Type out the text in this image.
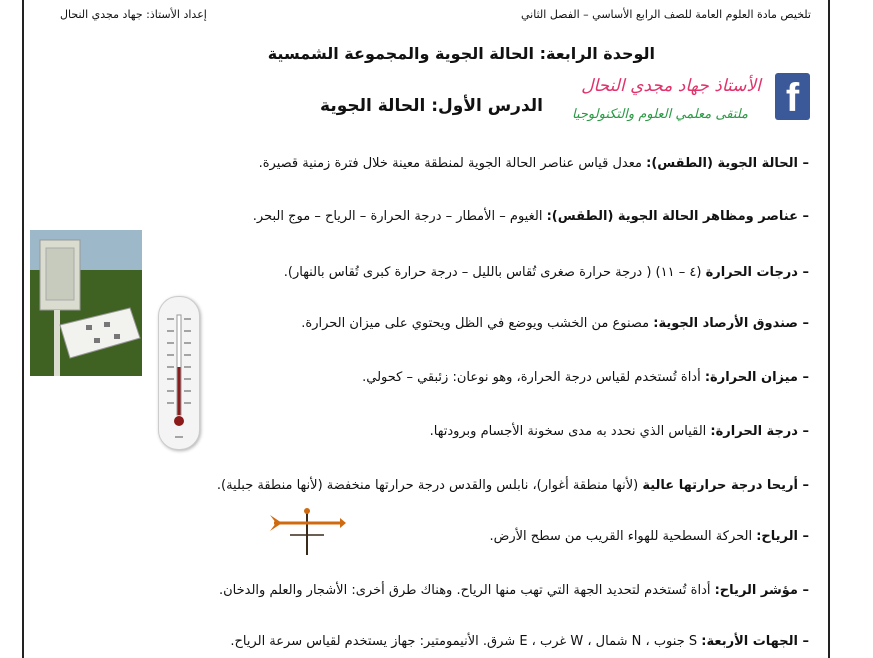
تلخيص مادة العلوم العامة للصف الرابع الأساسي – الفصل الثاني
إعداد الأستاذ: جهاد مجدي النحال
الوحدة الرابعة: الحالة الجوية والمجموعة الشمسية
f
الأستاذ جهاد مجدي النحال
ملتقى معلمي العلوم والتكنولوجيا
الدرس الأول: الحالة الجوية
– الحالة الجوية (الطقس): معدل قياس عناصر الحالة الجوية لمنطقة معينة خلال فترة زمنية قصيرة.
– عناصر ومظاهر الحالة الجوية (الطقس): الغيوم – الأمطار – درجة الحرارة – الرياح – موج البحر.
– درجات الحرارة (٤ – ١١) ( درجة حرارة صغرى تُقاس بالليل – درجة حرارة كبرى تُقاس بالنهار).
– صندوق الأرصاد الجوية: مصنوع من الخشب ويوضع في الظل ويحتوي على ميزان الحرارة.
– ميزان الحرارة: أداة تُستخدم لقياس درجة الحرارة، وهو نوعان: زئبقي – كحولي.
– درجة الحرارة: القياس الذي نحدد به مدى سخونة الأجسام وبرودتها.
– أريحا درجة حرارتها عالية (لأنها منطقة أغوار)، نابلس والقدس درجة حرارتها منخفضة (لأنها منطقة جبلية).
– الرياح: الحركة السطحية للهواء القريب من سطح الأرض.
– مؤشر الرياح: أداة تُستخدم لتحديد الجهة التي تهب منها الرياح. وهناك طرق أخرى: الأشجار والعلم والدخان.
– الجهات الأربعة: S جنوب ، N شمال ، W غرب ، E شرق. الأنيمومتير: جهاز يستخدم لقياس سرعة الرياح.
